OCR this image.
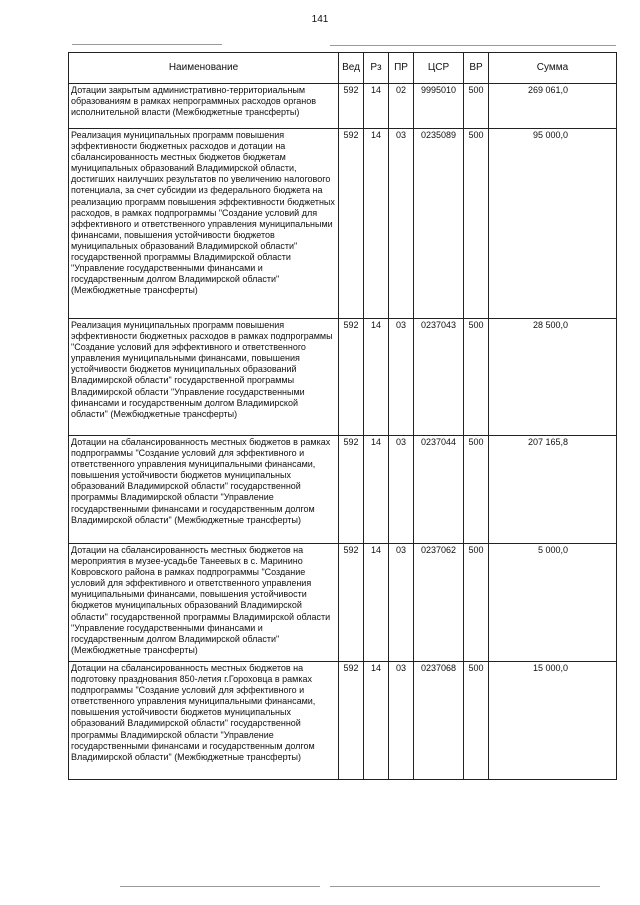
141
Наименование	Вед	Рз	ПР	ЦСР	ВР	Сумма
Дотации закрытым административно-территориальным образованиям в рамках непрограммных расходов органов исполнительной власти (Межбюджетные трансферты)	592	14	02	9995010	500	269 061,0
Реализация муниципальных программ повышения эффективности бюджетных расходов и дотации на сбалансированность местных бюджетов бюджетам муниципальных образований Владимирской области, достигших наилучших результатов по увеличению налогового потенциала, за счет субсидии из федерального бюджета на реализацию программ повышения эффективности бюджетных расходов, в рамках подпрограммы "Создание условий для эффективного и ответственного управления муниципальными финансами, повышения устойчивости бюджетов муниципальных образований Владимирской области" государственной программы Владимирской области "Управление государственными финансами и государственным долгом Владимирской области" (Межбюджетные трансферты)	592	14	03	0235089	500	95 000,0
Реализация муниципальных программ повышения эффективности бюджетных расходов в рамках подпрограммы "Создание условий для эффективного и ответственного управления муниципальными финансами, повышения устойчивости бюджетов муниципальных образований Владимирской области" государственной программы Владимирской области "Управление государственными финансами и государственным долгом Владимирской области" (Межбюджетные трансферты)	592	14	03	0237043	500	28 500,0
Дотации на сбалансированность местных бюджетов в рамках подпрограммы "Создание условий для эффективного и ответственного управления муниципальными финансами, повышения устойчивости бюджетов муниципальных образований Владимирской области" государственной программы Владимирской области "Управление государственными финансами и государственным долгом Владимирской области" (Межбюджетные трансферты)	592	14	03	0237044	500	207 165,8
Дотации на сбалансированность местных бюджетов на мероприятия в музее-усадьбе Танеевых в с. Маринино Ковровского района в рамках подпрограммы "Создание условий для эффективного и ответственного управления муниципальными финансами, повышения устойчивости бюджетов муниципальных образований Владимирской области" государственной программы Владимирской области "Управление государственными финансами и государственным долгом Владимирской области" (Межбюджетные трансферты)	592	14	03	0237062	500	5 000,0
Дотации на сбалансированность местных бюджетов на подготовку празднования 850-летия г.Гороховца в рамках подпрограммы "Создание условий для эффективного и ответственного управления муниципальными финансами, повышения устойчивости бюджетов муниципальных образований Владимирской области" государственной программы Владимирской области "Управление государственными финансами и государственным долгом Владимирской области" (Межбюджетные трансферты)	592	14	03	0237068	500	15 000,0
